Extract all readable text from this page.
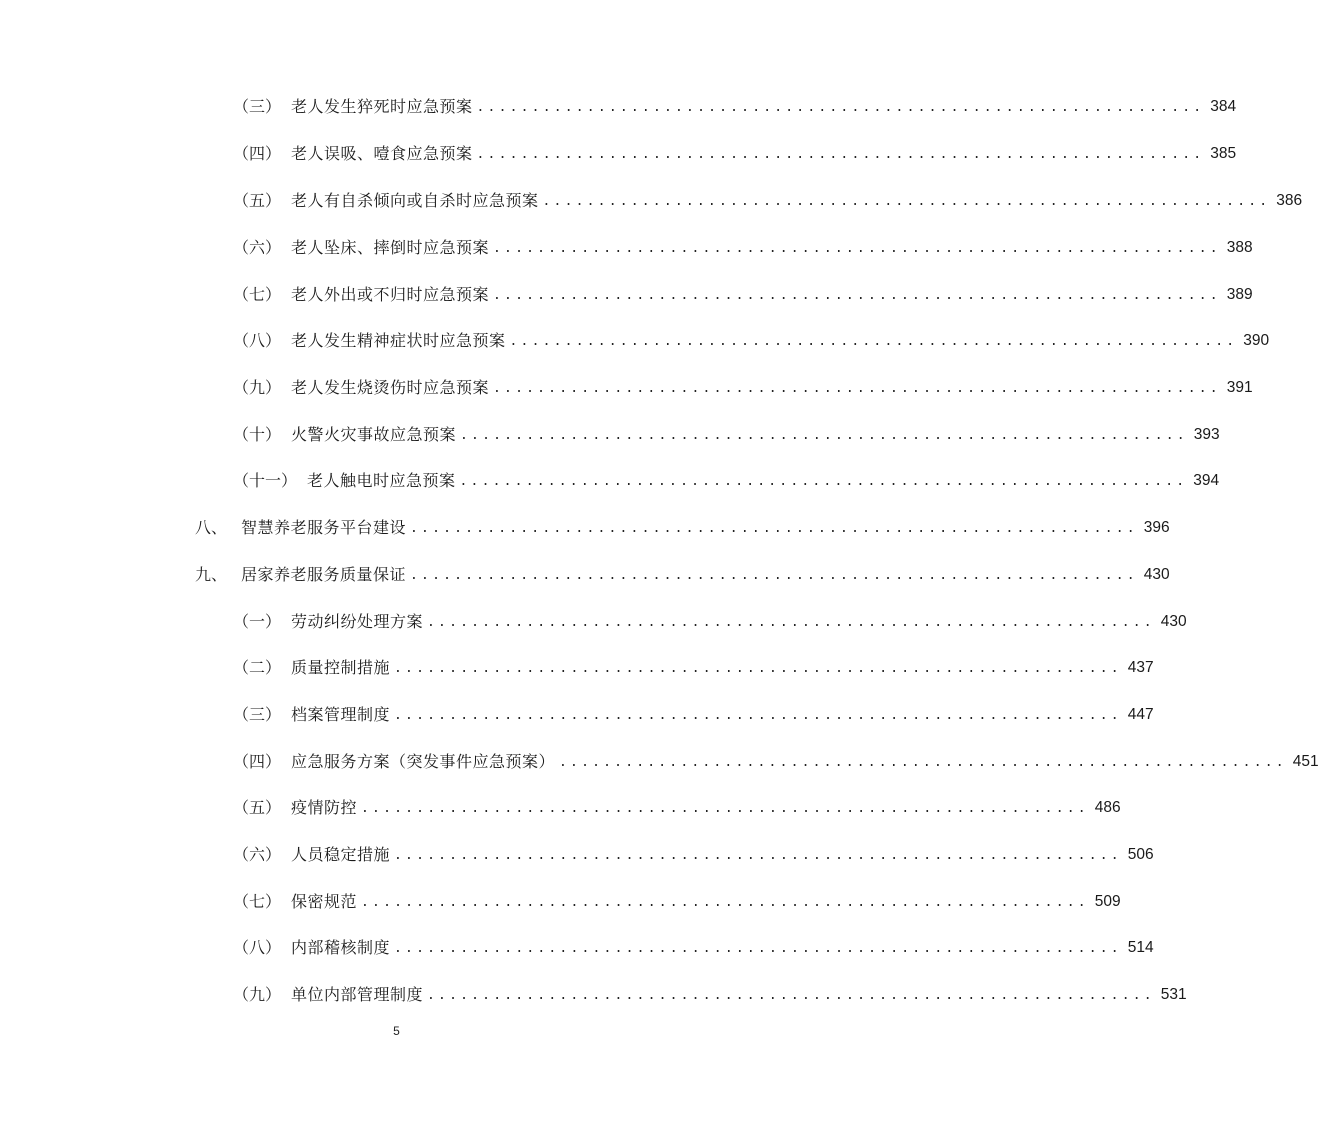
（三） 老人发生猝死时应急预案 .................................................................. 384
（四） 老人误吸、噎食应急预案 .................................................................. 385
（五） 老人有自杀倾向或自杀时应急预案 .................................................................. 386
（六） 老人坠床、摔倒时应急预案 .................................................................. 388
（七） 老人外出或不归时应急预案 .................................................................. 389
（八） 老人发生精神症状时应急预案 .................................................................. 390
（九） 老人发生烧烫伤时应急预案 .................................................................. 391
（十） 火警火灾事故应急预案 .................................................................. 393
（十一） 老人触电时应急预案 .................................................................. 394
八、 智慧养老服务平台建设 .................................................................. 396
九、 居家养老服务质量保证 .................................................................. 430
（一） 劳动纠纷处理方案 .................................................................. 430
（二） 质量控制措施 .................................................................. 437
（三） 档案管理制度 .................................................................. 447
（四） 应急服务方案（突发事件应急预案） .................................................................. 451
（五） 疫情防控 .................................................................. 486
（六） 人员稳定措施 .................................................................. 506
（七） 保密规范 .................................................................. 509
（八） 内部稽核制度 .................................................................. 514
（九） 单位内部管理制度 .................................................................. 531
5
